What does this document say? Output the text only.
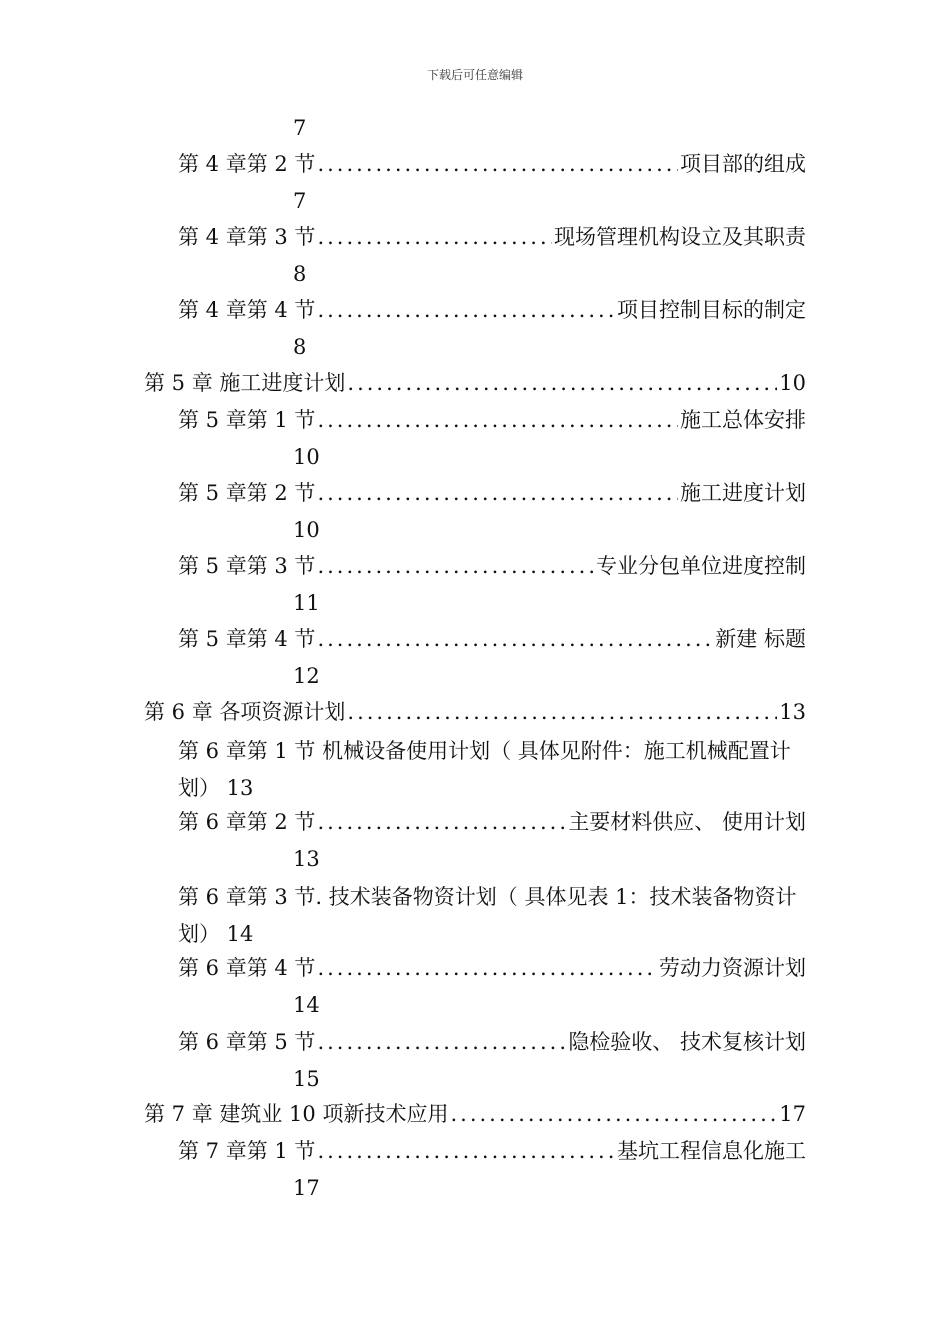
下载后可任意编辑
7
第 4 章第 2 节 .....	项目部的组成
7
第 4 章第 3 节 .....	现场管理机构设立及其职责
8
第 4 章第 4 节 .....	项目控制目标的制定
8
第 5 章 施工进度计划 .....	10
第 5 章第 1 节 .....	施工总体安排
10
第 5 章第 2 节 .....	施工进度计划
10
第 5 章第 3 节 .....	专业分包单位进度控制
11
第 5 章第 4 节 .....	新建 标题
12
第 6 章 各项资源计划 .....	13
第 6 章第 1 节 机械设备使用计划（ 具体见附件：施工机械配置计划） 13
第 6 章第 2 节 .....	主要材料供应、 使用计划
13
第 6 章第 3 节. 技术装备物资计划（ 具体见表 1：技术装备物资计划） 14
第 6 章第 4 节 .....	劳动力资源计划
14
第 6 章第 5 节 .....	隐检验收、 技术复核计划
15
第 7 章 建筑业 10 项新技术应用 .....	17
第 7 章第 1 节 .....	基坑工程信息化施工
17
